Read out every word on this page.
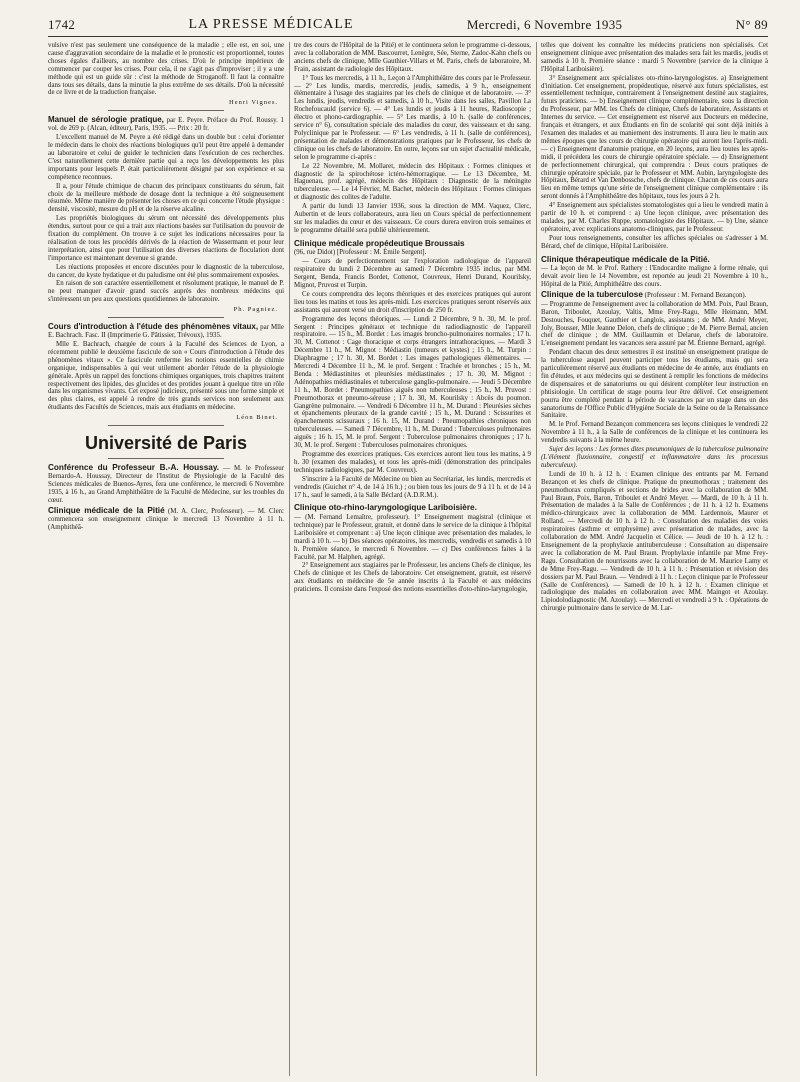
1742	LA PRESSE MÉDICALE	Mercredi, 6 Novembre 1935	N° 89

vulsive n'est pas seulement une conséquence de la maladie ; elle est, en soi, une cause d'aggravation secondaire de la maladie et le pronostic est proportionnel, toutes choses égales d'ailleurs, au nombre des crises. D'où le principe impérieux de commencer par couper les crises. Pour cela, il ne s'agit pas d'improviser ; il y a une méthode qui est un guide sûr : c'est la méthode de Stroganoff. Il faut la connaître dans tous ses détails, dans la minutie la plus extrême de ses détails. D'où la nécessité de ce livre et de la traduction française.

Henri Vignes.

Manuel de sérologie pratique, par E. Peyre. Préface du Prof. Roussy. 1 vol. de 269 p. (Alcan, éditeur), Paris, 1935. — Prix : 20 fr.

L'excellent manuel de M. Peyre a été rédigé dans un double but : celui d'orienter le médecin dans le choix des réactions biologiques qu'il peut être appelé à demander au laboratoire et celui de guider le technicien dans l'exécution de ces recherches. C'est naturellement cette dernière partie qui a reçu les développements les plus importants pour lesquels P. était particulièrement désigné par son expérience et sa compétence reconnues.

Il a, pour l'étude chimique de chacun des principaux constituants du sérum, fait choix de la meilleure méthode de dosage dont la technique a été soigneusement résumée. Même manière de présenter les choses en ce qui concerne l'étude physique : densité, viscosité, mesure du pH et de la réserve alcaline.

Les propriétés biologiques du sérum ont nécessité des développements plus étendus, surtout pour ce qui a trait aux réactions basées sur l'utilisation du pouvoir de fixation du complément. On trouve à ce sujet les indications nécessaires pour la réalisation de tous les procédés dérivés de la réaction de Wassermann et pour leur interprétation, ainsi que pour l'utilisation des diverses réactions de floculation dont l'importance est maintenant devenue si grande.

Les réactions proposées et encore discutées pour le diagnostic de la tuberculose, du cancer, du kyste hydatique et du paludisme ont été plus sommairement exposées.

En raison de son caractère essentiellement et résolument pratique, le manuel de P. ne peut manquer d'avoir grand succès auprès des nombreux médecins qui s'intéressent un peu aux questions quotidiennes de laboratoire.

Ph. Pagniez.

Cours d'introduction à l'étude des phénomènes vitaux, par Mlle E. Bachrach. Fasc. II (Imprimerie G. Pâtissier, Trévoux), 1935.

Mlle E. Bachrach, chargée de cours à la Faculté des Sciences de Lyon, a récemment publié le deuxième fascicule de son « Cours d'introduction à l'étude des phénomènes vitaux ». Ce fascicule renferme les notions essentielles de chimie organique, indispensables à qui veut utilement aborder l'étude de la physiologie générale. Après un rappel des fonctions chimiques organiques, trois chapitres traitent respectivement des lipides, des glucides et des protides jouant à quelque titre un rôle dans les organismes vivants. Cet exposé judicieux, présenté sous une forme simple et des plus claires, est appelé à rendre de très grands services non seulement aux étudiants des Facultés de Sciences, mais aux étudiants en médecine.

Léon Binet.
Université de Paris

Conférence du Professeur B.-A. Houssay. — M. le Professeur Bernardo-A. Houssay, Directeur de l'Institut de Physiologie de la Faculté des Sciences médicales de Buenos-Ayres, fera une conférence, le mercredi 6 Novembre 1935, à 16 h., au Grand Amphithéâtre de la Faculté de Médecine, sur les troubles du cœur.

Clinique médicale de la Pitié (M. A. Clerc, Professeur). — M. Clerc commencera son enseignement clinique le mercredi 13 Novembre à 11 h. (Amphithéâ-

tre des cours de l'Hôpital de la Pitié) et le continuera selon le programme ci-dessous, avec la collaboration de MM. Bascourret, Lenègre, Sée, Sterne, Zadoc-Kahn chefs ou anciens chefs de clinique, Mlle Gauthier-Villars et M. Paris, chefs de laboratoire, M. Frain, assistant de radiologie des Hôpitaux.

1° Tous les mercredis, à 11 h., Leçon à l'Amphithéâtre des cours par le Professeur. — 2° Les lundis, mardis, mercredis, jeudis, samedis, à 9 h., enseignement élémentaire à l'usage des stagiaires par les chefs de clinique et de laboratoire. — 3° Les lundis, jeudis, vendredis et samedis, à 10 h., Visite dans les salles, Pavillon La Rochefoucauld (service 6). — 4° Les lundis et jeudis à 11 heures, Radioscopie ; électro et phono-cardiographie. — 5° Les mardis, à 10 h. (salle de conférences, service n° 6), consultation spéciale des maladies du cœur, des vaisseaux et du sang. Polyclinique par le Professeur. — 6° Les vendredis, à 11 h. (salle de conférences), présentation de malades et démonstrations pratiques par le Professeur, les chefs de clinique ou les chefs de laboratoire. En outre, leçons sur un sujet d'actualité médicale, selon le programme ci-après :

Le 22 Novembre, M. Mollaret, médecin des Hôpitaux : Formes cliniques et diagnostic de la spirochétose ictéro-hémorragique. — Le 13 Décembre, M. Haguenau, prof. agrégé, médecin des Hôpitaux : Diagnostic de la méningite tuberculeuse. — Le 14 Février, M. Bachet, médecin des Hôpitaux : Formes cliniques et diagnostic des colites de l'adulte.

A partir du lundi 13 Janvier 1936, sous la direction de MM. Vaquez, Clerc, Aubertin et de leurs collaborateurs, aura lieu un Cours spécial de perfectionnement sur les maladies du cœur et des vaisseaux. Ce cours durera environ trois semaines et le programme détaillé sera publié ultérieurement.

Clinique médicale propédeutique Broussais

(96, rue Didot) [Professeur : M. Émile Sergent].

— Cours de perfectionnement sur l'exploration radiologique de l'appareil respiratoire du lundi 2 Décembre au samedi 7 Décembre 1935 inclus, par MM. Sergent, Benda, Francis Bordet, Cottenot, Couvreux, Henri Durand, Kourilsky, Mignot, Pruvost et Turpin.

Ce cours comprendra des leçons théoriques et des exercices pratiques qui auront lieu tous les matins et tous les après-midi. Les exercices pratiques seront réservés aux assistants qui auront versé un droit d'inscription de 250 fr.

Programme des leçons théoriques. — Lundi 2 Décembre, 9 h. 30, M. le prof. Sergent : Principes généraux et technique du radiodiagnostic de l'appareil respiratoire. — 15 h., M. Bordet : Les images broncho-pulmonaires normales ; 17 h. 30, M. Cottenot : Cage thoracique et corps étrangers intrathoraciques. — Mardi 3 Décembre 11 h., M. Mignot : Médiastin (tumeurs et kystes) ; 15 h., M. Turpin : Diaphragme ; 17 h. 30, M. Bordet : Les images pathologiques élémentaires. — Mercredi 4 Décembre 11 h., M. le prof. Sergent : Trachée et bronches ; 15 h., M. Benda : Médiastinites et pleurésies médiastinales ; 17 h. 30, M. Mignot : Adénopathies médiastinales et tuberculose ganglio-pulmonaire. — Jeudi 5 Décembre 11 h., M. Bordet : Pneumopathies aiguës non tuberculeuses ; 15 h., M. Pruvost : Pneumothorax et pneumo-séreuse ; 17 h. 30, M. Kourilsky : Abcès du poumon. Gangrène pulmonaire. — Vendredi 6 Décembre 11 h., M. Durand : Pleurésies sèches et épanchements pleuraux de la grande cavité ; 15 h., M. Durand : Scissurites et épanchements scissuraux ; 16 h. 15, M. Durand : Pneumopathies chroniques non tuberculeuses. — Samedi 7 Décembre, 11 h., M. Durand : Tuberculoses pulmonaires aiguës ; 16 h. 15, M. le prof. Sergent : Tuberculose pulmonaires chroniques ; 17 h. 30, M. le prof. Sergent : Tuberculoses pulmonaires chroniques.

Programme des exercices pratiques. Ces exercices auront lieu tous les matins, à 9 h. 30 (examen des malades), et tous les après-midi (démonstration des principales techniques radiologiques, par M. Couvreux).

S'inscrire à la Faculté de Médecine ou bien au Secrétariat, les lundis, mercredis et vendredis (Guichet n° 4, de 14 à 16 h.) ; ou bien tous les jours de 9 à 11 h. et de 14 à 17 h., sauf le samedi, à la Salle Béclard (A.D.R.M.).

Clinique oto-rhino-laryngologique Lariboisière.

— (M. Fernand Lemaître, professeur). 1° Enseignement magistral (clinique et technique) par le Professeur, gratuit, et donné dans le service de la clinique à l'hôpital Lariboisière et comprenant : a) Une leçon clinique avec présentation des malades, le mardi à 10 h. — b) Des séances opératoires, les mercredis, vendredis et samedis à 10 h. Première séance, le mercredi 6 Novembre. — c) Des conférences faites à la Faculté, par M. Halphen, agrégé.

2° Enseignement aux stagiaires par le Professeur, les anciens Chefs de clinique, les Chefs de clinique et les Chefs de laboratoire. Cet enseignement, gratuit, est réservé aux étudiants en médecine de 5e année inscrits à la Faculté et aux médecins praticiens. Il consiste dans l'exposé des notions essentielles d'oto-rhino-laryngologie,

telles que doivent les connaître les médecins praticiens non spécialisés. Cet enseignement clinique avec présentation des malades sera fait les mardis, jeudis et samedis à 10 h. Première séance : mardi 5 Novembre (service de la clinique à l'Hôpital Lariboisière).

3° Enseignement aux spécialistes oto-rhino-laryngologistes. a) Enseignement d'initiation. Cet enseignement, propédeutique, réservé aux futurs spécialistes, est essentiellement technique, contrairement à l'enseignement destiné aux stagiaires, futurs praticiens. — b) Enseignement clinique complémentaire, sous la direction du Professeur, par MM. les Chefs de clinique, Chefs de laboratoire, Assistants et Internes du service. — Cet enseignement est réservé aux Docteurs en médecine, français et étrangers, et aux Étudiants en fin de scolarité qui sont déjà initiés à l'examen des malades et au maniement des instruments. Il aura lieu le matin aux mêmes époques que les cours de chirurgie opératoire qui auront lieu l'après-midi. — c) Enseignement d'anatomie pratique, en 20 leçons, aura lieu toutes les après-midi, il précédera les cours de chirurgie opératoire spéciale. — d) Enseignement de perfectionnement chirurgical, qui comprendra : Deux cours pratiques de chirurgie opératoire spéciale, par le Professeur et MM. Aubin, laryngologiste des Hôpitaux, Bérard et Van Denbossche, chefs de clinique. Chacun de ces cours aura lieu en même temps qu'une série de l'enseignement clinique complémentaire : ils seront donnés à l'Amphithéâtre des hôpitaux, tous les jours à 2 h.

4° Enseignement aux spécialistes stomatologistes qui a lieu le vendredi matin à partir de 10 h. et comprend : a) Une leçon clinique, avec présentation des malades, par M. Charles Ruppe, stomatologiste des Hôpitaux. — b) Une, séance opératoire, avec explications anatomo-cliniques, par le Professeur.

Pour tous renseignements, consulter les affiches spéciales ou s'adresser à M. Bérard, chef de clinique, Hôpital Lariboisière.

Clinique thérapeutique médicale de la Pitié.

— La leçon de M. le Prof. Rathery : l'Endocardite maligne à forme rénale, qui devait avoir lieu le 14 Novembre, est reportée au jeudi 21 Novembre à 10 h., Hôpital de la Pitié, Amphithéâtre des cours.

Clinique de la tuberculose (Professeur : M. Fernand Bezançon).

— Programme de l'enseignement avec la collaboration de MM. Poix, Paul Braun, Baron, Triboulet, Azoulay, Valtis, Mme Frey-Ragu, Mlle Heimann, MM. Destouches, Fouquet, Gauthier et Langlois, assistants ; de MM. André Meyer, Joly, Bousser, Mlle Jeanne Delon, chefs de clinique ; de M. Pierre Bernal, ancien chef de clinique ; de MM. Guillaumin et Delarue, chefs de laboratoire. L'enseignement pendant les vacances sera assuré par M. Étienne Bernard, agrégé.

Pendant chacun des deux semestres il est institué un enseignement pratique de la tuberculose auquel peuvent participer tous les étudiants, mais qui sera particulièrement réservé aux étudiants en médecine de 4e année, aux étudiants en fin d'études, et aux médecins qui se destinent à remplir les fonctions de médecins de dispensaires et de sanatoriums ou qui désirent compléter leur instruction en phtisiologie. Un certificat de stage pourra leur être délivré. Cet enseignement pourra être complété pendant la période de vacances par un stage dans un des sanatoriums de l'Office Public d'Hygiène Sociale de la Seine ou de la Renaissance Sanitaire.

M. le Prof. Fernand Bezançon commencera ses leçons cliniques le vendredi 22 Novembre à 11 h., à la Salle de conférences de la clinique et les continuera les vendredis suivants à la même heure.

Sujet des leçons : Les formes dites pneumoniques de la tuberculose pulmonaire (L'élément fluxionnaire, congestif et inflammatoire dans les processus tuberculeux).

Lundi de 10 h. à 12 h. : Examen clinique des entrants par M. Fernand Bezançon et les chefs de clinique. Pratique du pneumothorax ; traitement des pneumothorax compliqués et sections de brides avec la collaboration de MM. Paul Braun, Poix, Baron, Triboulet et André Meyer. — Mardi, de 10 h. à 11 h. Présentation de malades à la Salle de Conférences ; de 11 h. à 12 h. Examens médico-chirurgicaux avec la collaboration de MM. Lardennois, Maurer et Rolland. — Mercredi de 10 h. à 12 h. : Consultation des maladies des voies respiratoires (asthme et emphysème) avec présentation de malades, avec la collaboration de MM. André Jacquelin et Célice. — Jeudi de 10 h. à 12 h. : Enseignement de la prophylaxie antituberculeuse : Consultation au dispensaire avec la collaboration de M. Paul Braun. Prophylaxie infantile par Mme Frey-Ragu. Consultation de nourrissons avec la collaboration de M. Maurice Lamy et de Mme Frey-Ragu. — Vendredi de 10 h. à 11 h. : Présentation et révision des dossiers par M. Paul Braun. — Vendredi à 11 h. : Leçon clinique par le Professeur (Salle de Conférences). — Samedi de 10 h. à 12 h. : Examen clinique et radiologique des malades en collaboration avec MM. Maingot et Azoulay. Lipiodolodiagnostic (M. Azoulay). — Mercredi et vendredi à 9 h. : Opérations de chirurgie pulmonaire dans le service de M. Lar-
